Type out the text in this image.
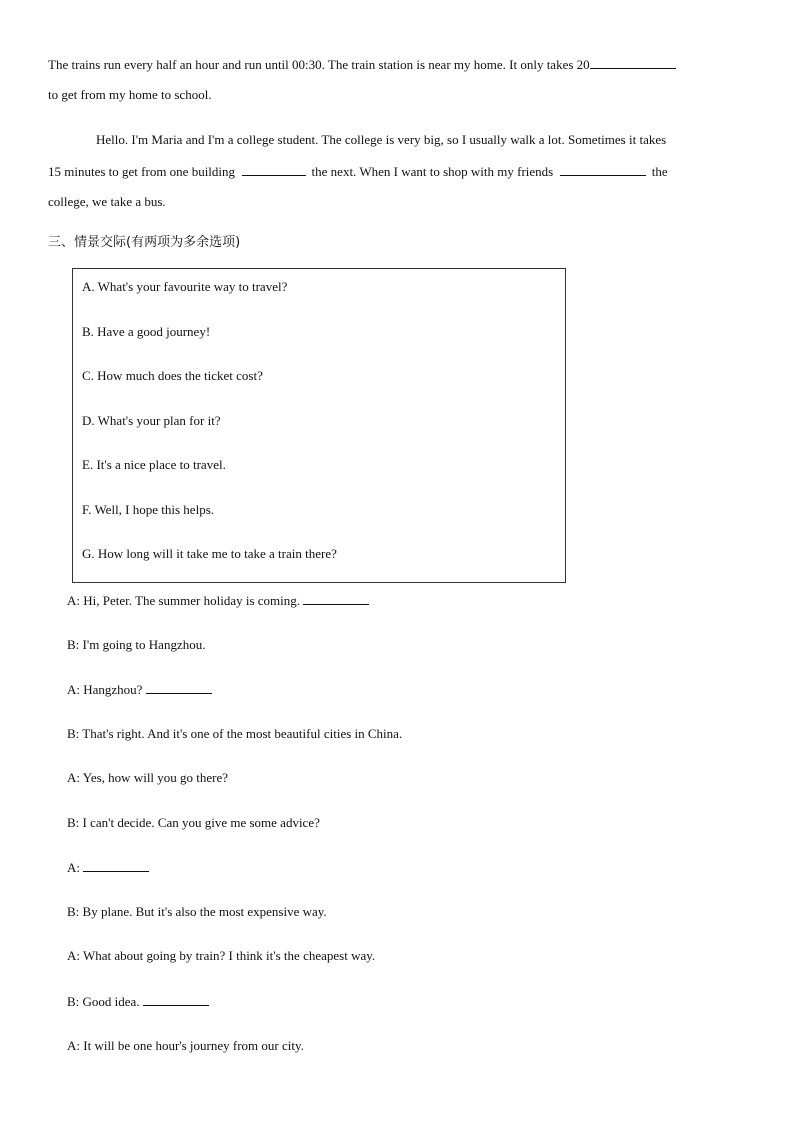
The trains run every half an hour and run until 00:30. The train station is near my home. It only takes 20
to get from my home to school.
Hello. I'm Maria and I'm a college student. The college is very big, so I usually walk a lot. Sometimes it takes
15 minutes to get from one building	the next. When I want to shop with my friends	the
college, we take a bus.
三、情景交际(有两项为多余选项)
A. What's your favourite way to travel?
B. Have a good journey!
C. How much does the ticket cost?
D. What's your plan for it?
E. It's a nice place to travel.
F. Well, I hope this helps.
G. How long will it take me to take a train there?
A: Hi, Peter. The summer holiday is coming.
B: I'm going to Hangzhou.
A: Hangzhou?
B: That's right. And it's one of the most beautiful cities in China.
A: Yes, how will you go there?
B: I can't decide. Can you give me some advice?
A:
B: By plane. But it's also the most expensive way.
A: What about going by train? I think it's the cheapest way.
B: Good idea.
A: It will be one hour's journey from our city.
